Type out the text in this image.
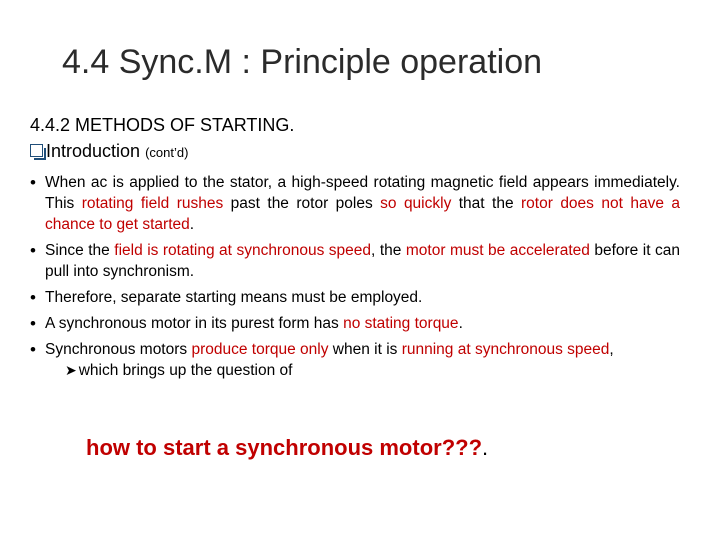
4.4 Sync.M : Principle operation
4.4.2 METHODS OF STARTING.
Introduction (cont’d)
• When ac is applied to the stator, a high-speed rotating magnetic field appears immediately. This rotating field rushes past the rotor poles so quickly that the rotor does not have a chance to get started.
• Since the field is rotating at synchronous speed, the motor must be accelerated before it can pull into synchronism.
• Therefore, separate starting means must be employed.
• A synchronous motor in its purest form has no stating torque.
• Synchronous motors produce torque only when it is running at synchronous speed,
➤ which brings up the question of
how to start a synchronous motor???.
